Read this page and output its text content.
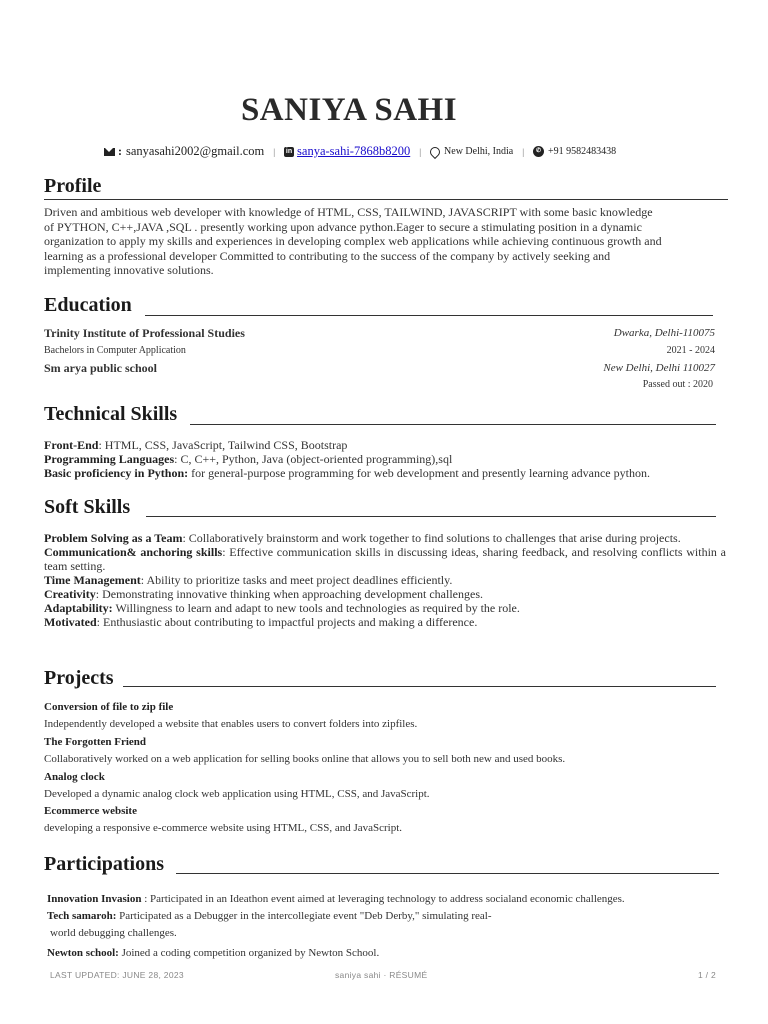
SANIYA SAHI
: sanyasahi2002@gmail.com | in sanya-sahi-7868b8200 | New Delhi, India |	✆ +91 9582483438
Profile
Driven and ambitious web developer with knowledge of HTML, CSS, TAILWIND, JAVASCRIPT with some basic knowledge
of PYTHON, C++,JAVA ,SQL . presently working upon advance python.Eager to secure a stimulating position in a dynamic
organization to apply my skills and experiences in developing complex web applications while achieving continuous growth and
learning as a professional developer Committed to contributing to the success of the company by actively seeking and
implementing innovative solutions.
Education
Trinity Institute of Professional Studies	Dwarka, Delhi-110075
Bachelors in Computer Application	2021 - 2024
Sm arya public school	New Delhi, Delhi 110027
Passed out : 2020
Technical Skills
Front-End: HTML, CSS, JavaScript, Tailwind CSS, Bootstrap
Programming Languages: C, C++, Python, Java (object-oriented programming),sql
Basic proficiency in Python: for general-purpose programming for web development and presently learning advance python.
Soft Skills
Problem Solving as a Team: Collaboratively brainstorm and work together to find solutions to challenges that arise during projects.
Communication& anchoring skills: Effective communication skills in discussing ideas, sharing feedback, and resolving conflicts within a team setting.
Time Management: Ability to prioritize tasks and meet project deadlines efficiently.
Creativity: Demonstrating innovative thinking when approaching development challenges.
Adaptability: Willingness to learn and adapt to new tools and technologies as required by the role.
Motivated: Enthusiastic about contributing to impactful projects and making a difference.
Projects
Conversion of file to zip file
Independently developed a website that enables users to convert folders into zipfiles.
The Forgotten Friend
Collaboratively worked on a web application for selling books online that allows you to sell both new and used books.
Analog clock
Developed a dynamic analog clock web application using HTML, CSS, and JavaScript.
Ecommerce website
developing a responsive e-commerce website using HTML, CSS, and JavaScript.
Participations
Innovation Invasion : Participated in an Ideathon event aimed at leveraging technology to address socialand economic challenges.
Tech samaroh: Participated as a Debugger in the intercollegiate event "Deb Derby," simulating real-
world debugging challenges.
Newton school: Joined a coding competition organized by Newton School.
LAST UPDATED: JUNE 28, 2023	saniya sahi · RÉSUMÉ	1 / 2
